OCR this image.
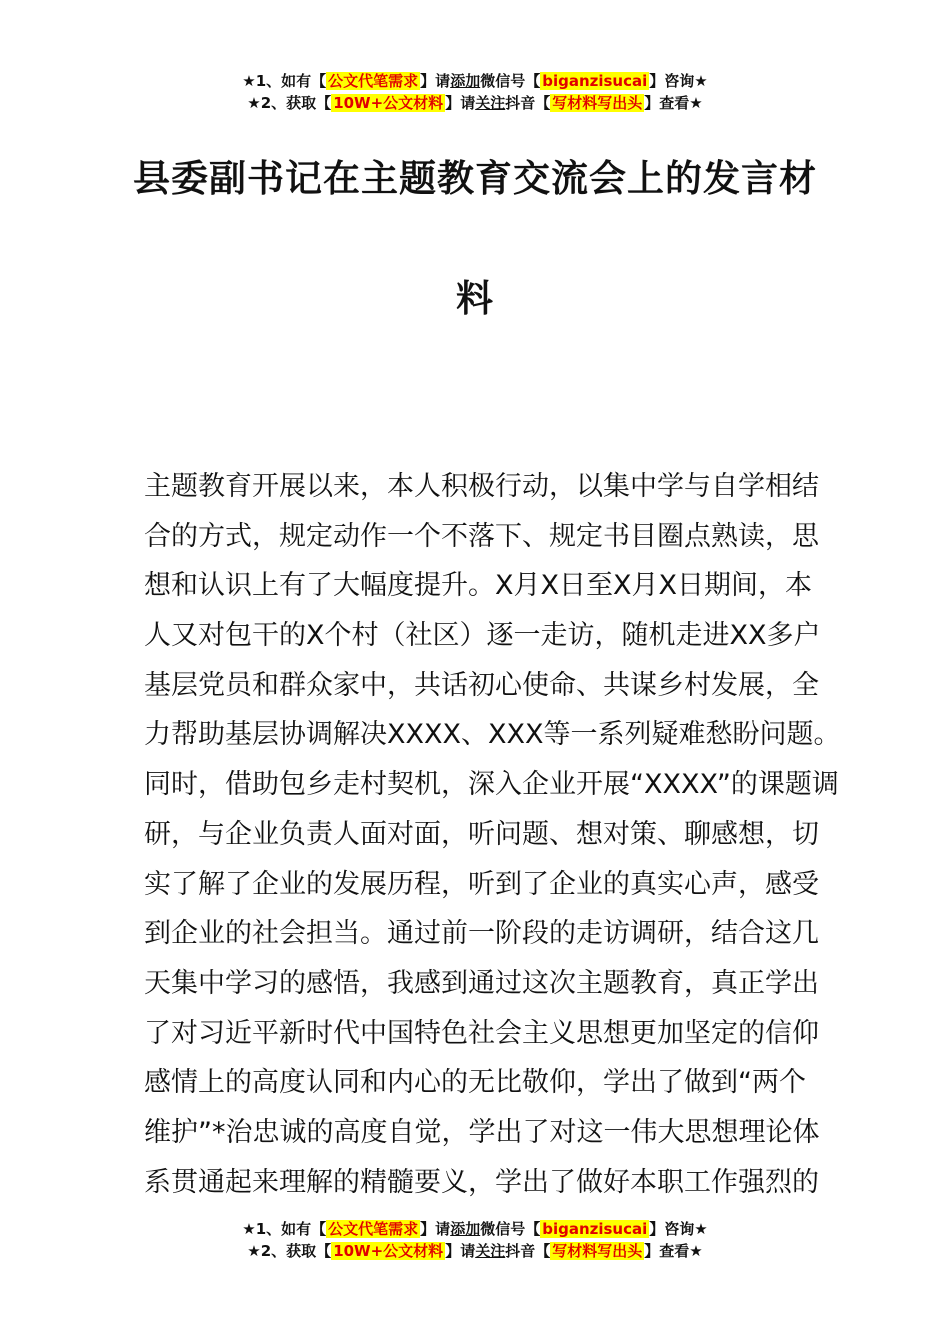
★1、如有【 公文代笔需求 】请添加微信号【 biganzisucai 】咨询★
★2、获取【 10W+公文材料 】请关注抖音【 写材料写出头 】查看★
县委副书记在主题教育交流会上的发言材
料
主题教育开展以来，本人积极行动，以集中学与自学相结
合的方式，规定动作一个不落下、规定书目圈点熟读，思
想和认识上有了大幅度提升。X月X日至X月X日期间，本
人又对包干的X个村（社区）逐一走访，随机走进XX多户
基层党员和群众家中，共话初心使命、共谋乡村发展，全
力帮助基层协调解决XXXX、XXX等一系列疑难愁盼问题。
同时，借助包乡走村契机，深入企业开展“XXXX”的课题调
研，与企业负责人面对面，听问题、想对策、聊感想，切
实了解了企业的发展历程，听到了企业的真实心声，感受
到企业的社会担当。通过前一阶段的走访调研，结合这几
天集中学习的感悟，我感到通过这次主题教育，真正学出
了对习近平新时代中国特色社会主义思想更加坚定的信仰
感情上的高度认同和内心的无比敬仰，学出了做到“两个
维护”*治忠诚的高度自觉，学出了对这一伟大思想理论体
系贯通起来理解的精髓要义，学出了做好本职工作强烈的
★1、如有【 公文代笔需求 】请添加微信号【 biganzisucai 】咨询★
★2、获取【 10W+公文材料 】请关注抖音【 写材料写出头 】查看★
